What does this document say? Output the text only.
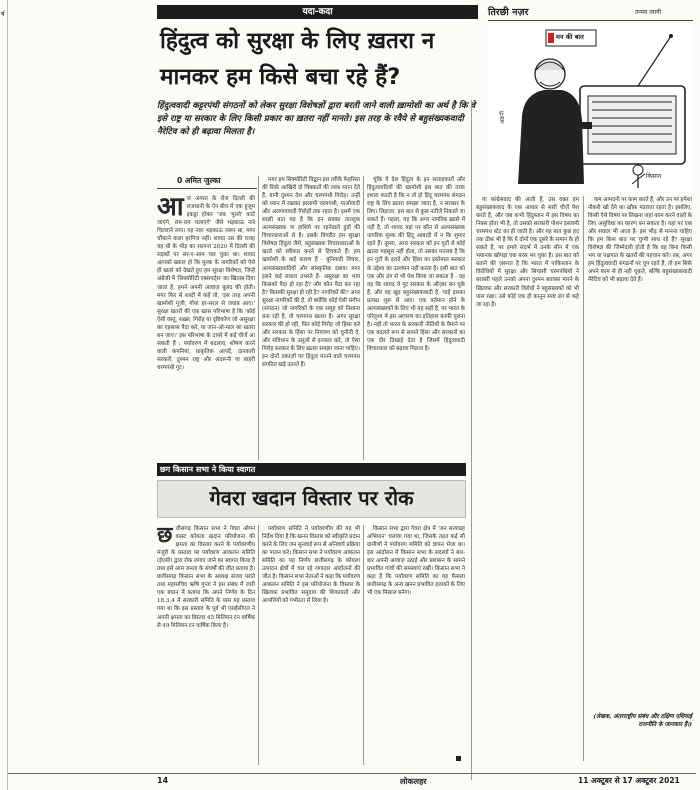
र्ष	यदा-कदा	तिरछी नज़र	तन्मय त्यागी
हिंदुत्व को सुरक्षा के लिए ख़तरा न
मानकर हम किसे बचा रहे हैं?
मन की बात
अडानी
किसान
हिंदुत्ववादी कट्टरपंथी संगठनों को लेकर सुरक्षा विशेषज्ञों द्वारा बरती जाने वाली ख़ामोशी का अर्थ है कि वे इसे राष्ट्र या सरकार के लिए किसी प्रकार का ख़तरा नहीं मानते। इस तरह के रवैये से बहुसंख्यकवादी नैरेटिव को ही बढ़ावा मिलता है।
0 अमित जुल्का
आज अगस्त के रोज दिल्ली की राजधानी के ऐन बीच में एक हुजूम इकट्ठा होकर 'जब 'मुल्ले' काटे जाएंगे, राम-राम चलाएंगे' जैसे भड़काऊ नारे चिल्लाने लगा। यह नारा भड़काऊ जरूर था, मगर चौंकाने वाला हरगिज नहीं। शायद उस की वजह यह थी के भीड़ का सरगना 2020 में दिल्ली की सड़कों पर सर-ए-आम चल चुका था। शायद आपको ख्याल हो कि मुल्क के नागरिकों को ऐसे ही खतरे को देखते हुए हम सुरक्षा विशेषज्ञ, जिन्हें अंग्रेजी में 'सिक्योरिटी एक्सपर्ट्स' का खिताब दिया जाता है, हमने अपनी आवाज़ बुलंद की होती। मगर फिर से शब्दों में कहें तो, 'इस तरह अपनी खामोशी गूंजी, गोया हर-सरल से जवाब आए।' सुरक्षा खतरों की एक खास परिभाषा है कि 'कोई ऐसी वस्तु, शख़्स, गिरोह या दृष्टिकोण जो असुरक्षा का एहसास पैदा करे, या जान-ओ-माल का खतरा बन जाए।' इस परिभाषा के दायरे में कई चीजें आ सकती हैं : पर्यावरण में बदलाव, शोषण करने वाली कंपनियां, प्राकृतिक आपदें, दानकारी सरकारें, दुश्मन राष्ट्र और अंदरूनी या बाहरी चरमपंथी गुट।

मगर हम सिक्योरिटी विद्वान इस तरीके फेहरिस्त की सिर्फ़ आखिरी दो चिक्कतों की तरफ़ ध्यान देते हैं, यानी दुश्मन देश और चरमपंथी गिरोह। उन्हीं को ध्यान में रखकर इस्लामी चरमपंथी, माओवादी और अलगाववादी गिरोहों तक रहता है। इसमें एक साझी बात यह है कि इन सबका ताल्लुक अल्पसंख्यक या हाशिये पर रहनेवाले हुंडों की विचारधाराओं से है। इसके विपरीत हम सुरक्षा विशेषज्ञ हिंदुत्व जैसे, बहुसंख्यक विचारधाराओं के खतरे को स्वीकार करने से हिचकते हैं। हम खामोशी के कई कारण हैं - बुनियादी विचार, अल्पसंख्यवादियों और सांस्कृतिक दबाव। मगर इसने कई सवाल उभरते हैं- असुरक्षा का भाव किसको पैदा हो रहा है? और कौन पैदा कर रहा है? किसकी सुरक्षा हो रही है? नागरिकों की? अगर सुरक्षा नागरिकों की है, तो क्योंकि कोई ऐसी संगीन (संगठन) जो नागरिकों के एक समूह को निशाना बना रही है, वो चरमपंथ खतरा है। अगर सुरक्षा सरकार की हो रही, फिर कोई गिरोह जो हिंसा करे और सरकार के हिंसा पर नियंत्रण को चुनौती दे, और संविधान के उसूलों से इनकार करे, तो ऐसा गिरोह सरकार के लिए ख़तरा समझा जाना चाहिए। इन दोनों तकाज़ों पर हिंदुत्व मानने वाले चरमपंथ संगठित खड़े उतरते हैं।

चूंकि ये देश हिंदुत्व के इन सलाहकारों और हिंदुत्ववादियों की खामोशी इस बात की तरफ़ इशारा करती है कि न तो हो हिंदू चरमपंथ संगठन राष्ट्र के लिए ख़तरा समझा जाता है, न सरकार के लिए। लिहाजा, इस बात से कुछ नतीजे निकाले जा सकते हैं। पहला, यह कि अगर नागरिक ख़तरे में नहीं है, तो शायद यहां पर कौन से अल्पसंख्यक नागरिक मुल्क की हिंदू आबादी में न कि शुमार रहते हैं। दूसरा, अगर सरकार को इन गुटों से कोई ख़तरा महसूस नहीं होता, तो उसका मतलब है कि इन गुटों के इरादे और हिंसा का इस्तेमाल सरकार के उद्देश्य का उल्लंघन नहीं करता है। इसी बात को एक और ढंग से भी पेश किया जा सकता है - वह यह कि शायद ये गुट सरकार के औज़ार बन चुके हैं, और वह खुद बहुसंख्यकवादी है, चाहे इसका प्रत्यक्ष शुरू से आए। एक वर्तमान होने के अल्पसंख्यकों के लिए भी यह सही है, पर भारत के परिदृश्य में इस आचरण का इतिहास काफी पुराना है। नहीं तो भारत के सरकारी नीतियों के पैमाने पर एक बदलते रूप से सामने हिंसा और सरकारों का एक दौर दिखाई देता है जिसमें हिंदुत्ववादी विचारधारा को बढ़ावा मिलता है।

या कांग्रेसवाद की आती हैं, उस वक़्त हम बहुसंख्यकवाद के एक आधार से सारी चीज़ें पेश करते हैं, और जब कभी हिंदुस्तान में इस विषय का निक्स होता भी है, तो उसको सरकारी पोशन इस्लामी चरमपंथ स्टेट का ही जाती है। और यह बात कुछ हद तक ठीक भी है कि ये दोनों एक दूसरे के समान के हो सकते हैं, पर हमारे संदर्भ में उनके सीन में एक भयानक खोपड़ा एक बरस भर चुका है। इस बात को बताने की ज़रूरत है कि भारत में पाकिस्तान के विरोधियों में सुरक्षा और सियासी चरमपंथियों ने बराबरी पहले उनको अपना दुश्मन बताकर मारने के खिलाफ़ और सरकारी विरोधों ने बहुसंख्यकों को भी पास रखा। उसे कोई एक ही कानून स्पष्ट ढंग से कहे जा रहा है।

कम आमदनी पर काम करते हैं, और उन पर हमेशा नौकरी खो देने का ख़ौफ़ मंडराता रहता है। इसलिए, किसी ऐसे विषय पर लिखना जहां काम करने वालों के लिए असुविधा का कारण बन सकता है। यहां पर एक और सवाल भी आता है- इस भीड़ से मानना चाहिए कि हम किस बात पर चुप्पी साध रहे हैं? सुरक्षा विशेषज्ञ की जिम्मेदारी होती है कि वह बिना किसी भय या पक्षपात के खतरों की पहचान करे। तब, अगर हम हिंदुत्ववादी संगठनों पर चुप रहते हैं, तो हम सिर्फ़ अपने काम से ही नहीं चूकते, बल्कि बहुसंख्यकवादी नैरेटिव को भी बढ़ावा देते हैं।

(लेखक, अंतरराष्ट्रीय संबंध और दक्षिण एशियाई राजनीति के जानकार हैं।)
छग किसान सभा ने किया स्वागत
गेवरा खदान विस्तार पर रोक
छत्तीसगढ़ किसान सभा ने गेवरा ओपन कास्ट कोयला खदान परियोजना की क्षमता का विस्तार करने के पर्यावरणीय मंजूरी के प्रस्ताव पर पर्यावरण आकलन समिति (ईएसी) द्वारा रोक लगाए जाने का स्वागत किया है तथा इसे आम जनता के संघर्षों की जीत बताया है। छत्तीसगढ़ किसान सभा के अध्यक्ष संजय पराते तथा महासचिव ऋषि गुप्ता ने इस संबंध में जारी एक बयान में बताया कि अपने निर्णय के दिन 18.3.4 में सरकारी समिति के पास यह प्रस्ताव गया था कि इस प्रस्ताव के पूर्व भी एसईसीएल ने अपनी क्षमता का विस्तार 45 मिलियन टन वार्षिक से 49 मिलियन टन वार्षिक किया है।

पर्यावरण समिति ने पर्यावरणीय की यह भी निर्देश दिया है कि खनन विस्तार को स्वीकृति प्रदान करने के लिए जन सुनवाई रूप से अनिवार्य प्रक्रिया का पालन करे। किसान सभा ने पर्यावरण आकलन समिति का यह निर्णय छत्तीसगढ़ के कोयला उत्पादन क्षेत्रों में चल रहे लगातार आंदोलनों की जीत है। किसान सभा नेताओं ने कहा कि पर्यावरण आकलन समिति ने इस परियोजना के विस्तार के खिलाफ़ प्रभावित समुदाय की शिकायतों और आपत्तियों को गंभीरता से लिया है।

किसान सभा द्वारा गेवरा क्षेत्र में 'जन सत्याग्रह अभियान' चलाया गया था, जिसके तहत कई सौ ग्रामीणों ने पर्यावरण समिति को ज्ञापन भेजा था। इस आंदोलन में किसान सभा के सदस्यों ने बार-बार अपनी आवाज़ उठाई और प्रशासन के सामने प्रभावित गांवों की समस्याएं रखीं। किसान सभा ने कहा है कि पर्यावरण समिति का यह फैसला छत्तीसगढ़ के अन्य खनन प्रभावित इलाकों के लिए भी एक मिसाल बनेगा।

14	लोकलहर	11 अक्टूबर से 17 अक्टूबर 2021
